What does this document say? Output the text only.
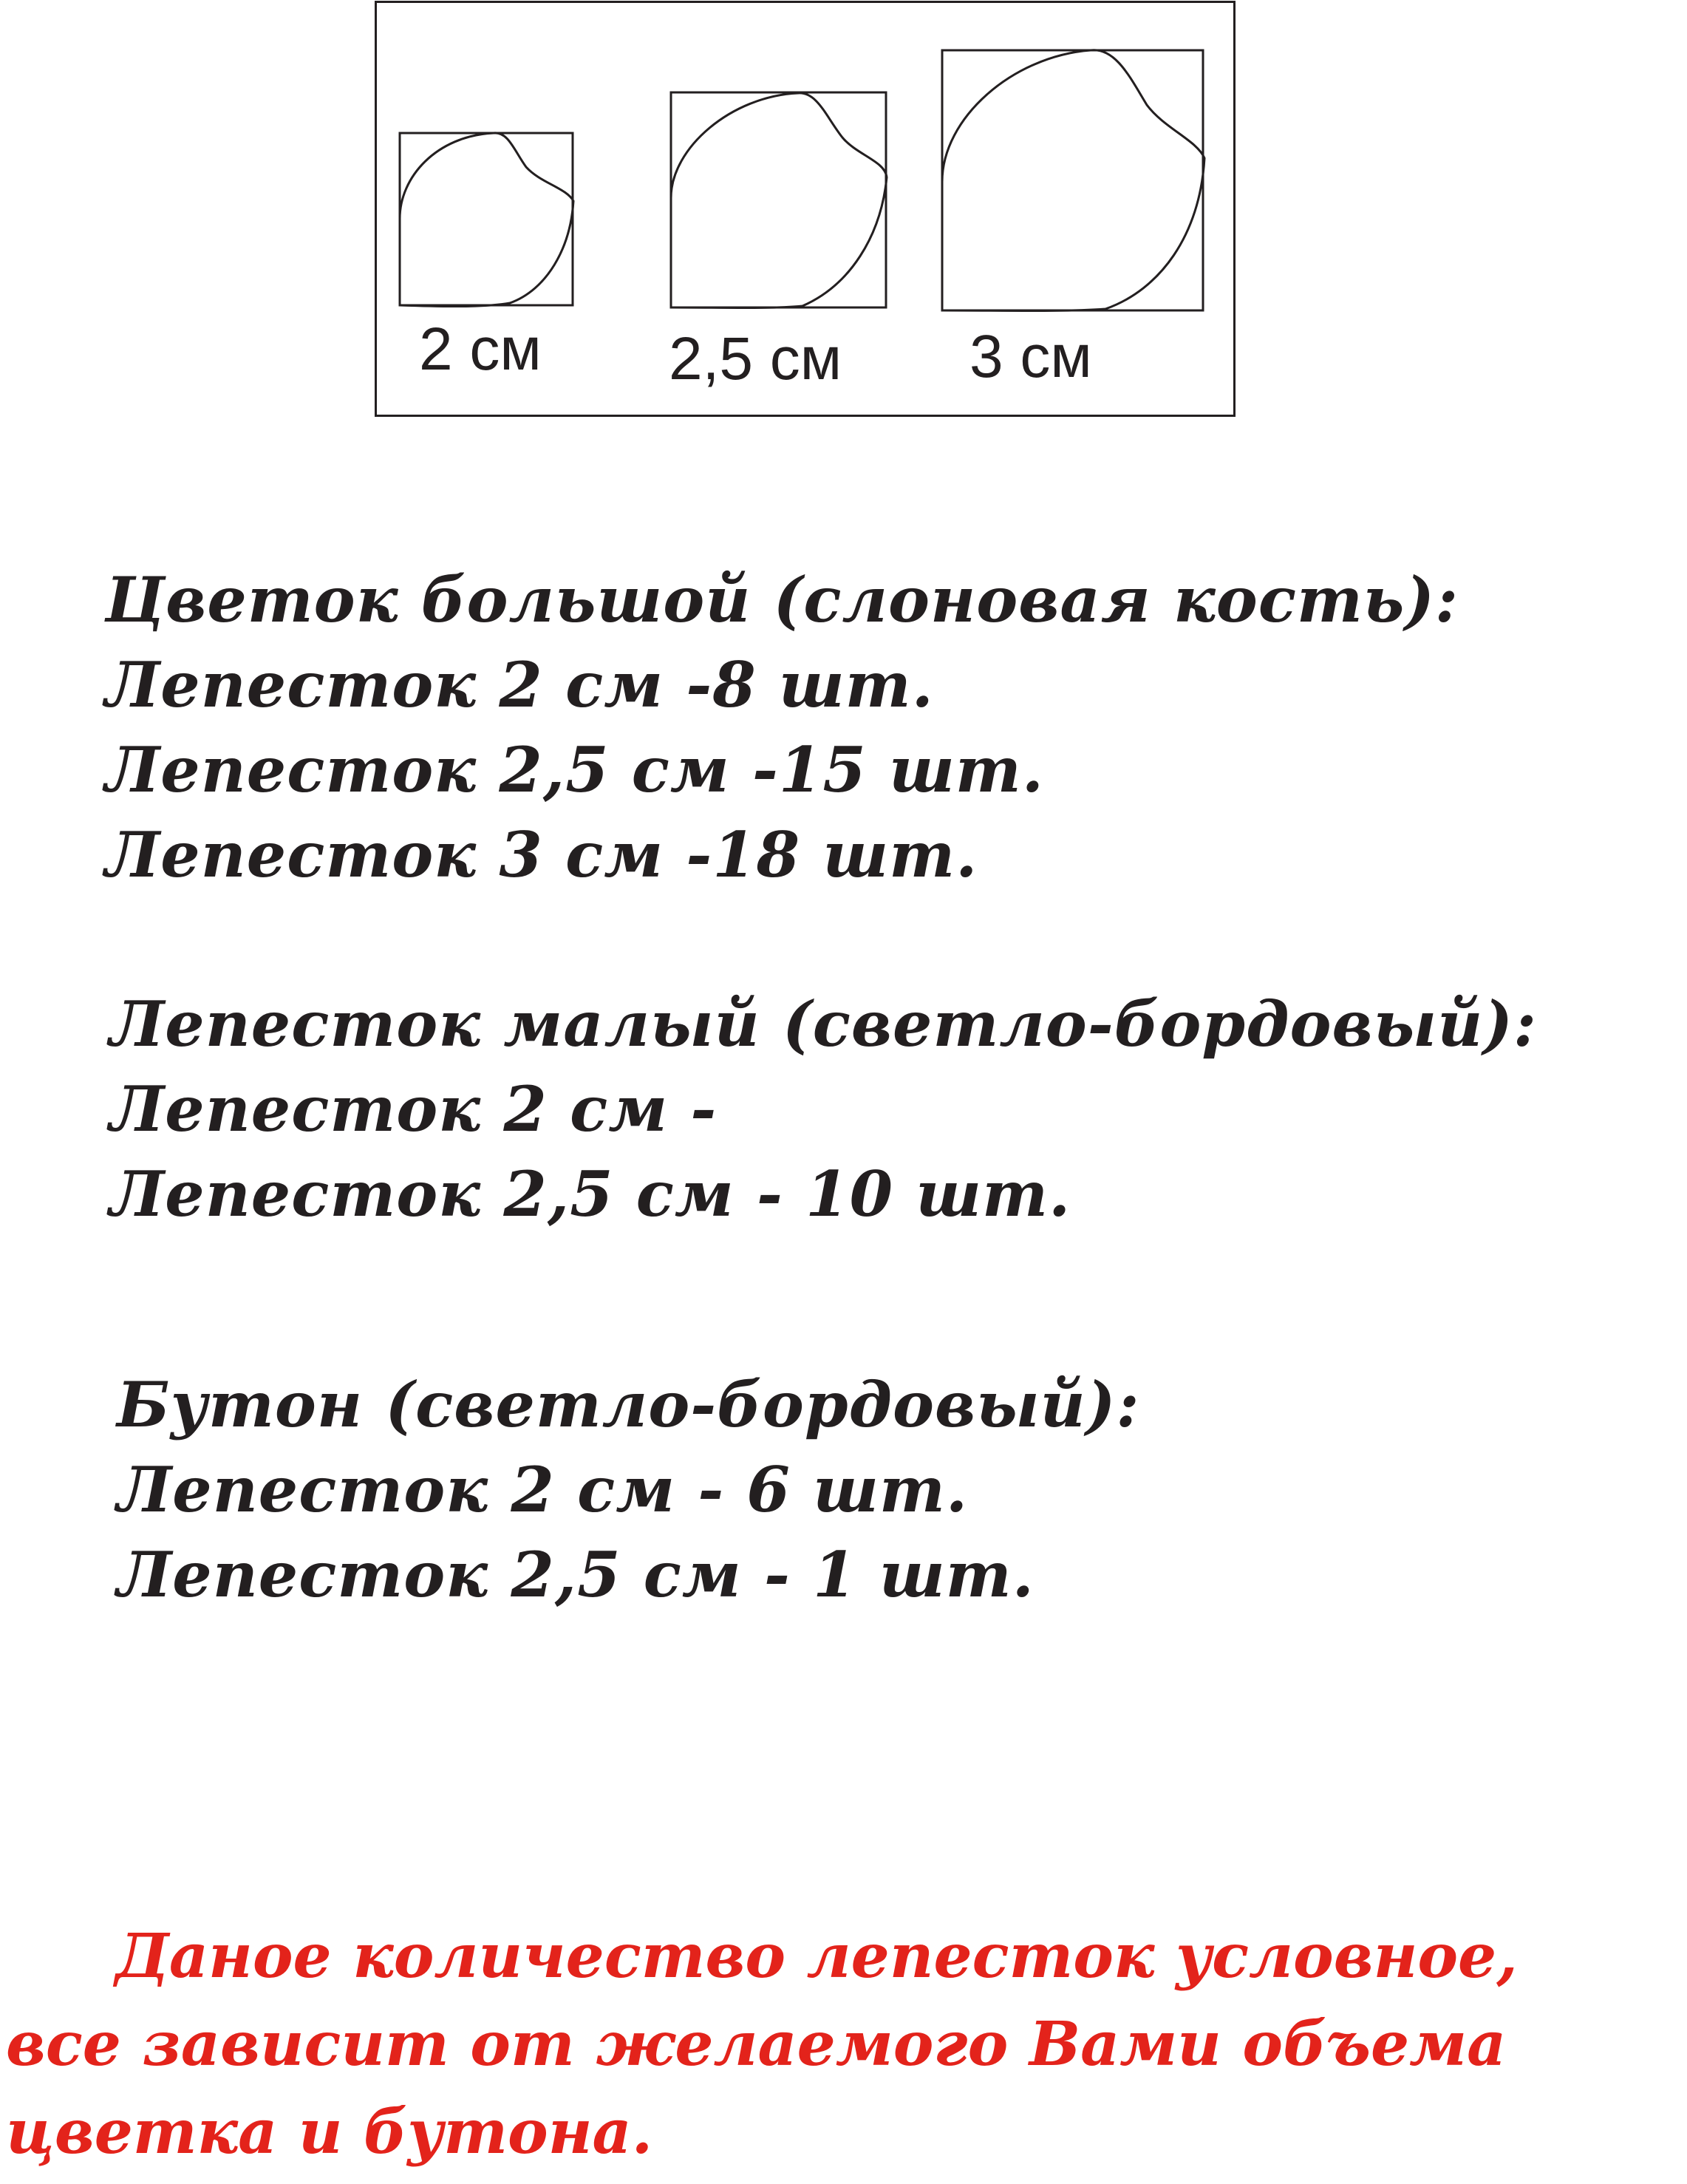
2 см 2,5 см 3 см
Цветок большой (слоновая кость):
Лепесток 2 см -8 шт.
Лепесток 2,5 см -15 шт.
Лепесток 3 см -18 шт.
Лепесток малый (светло-бордовый):
Лепесток 2 см -
Лепесток 2,5 см - 10 шт.
Бутон (светло-бордовый):
Лепесток 2 см - 6 шт.
Лепесток 2,5 см - 1 шт.
Даное количество лепесток условное,
все зависит от желаемого Вами объема
цветка и бутона.
